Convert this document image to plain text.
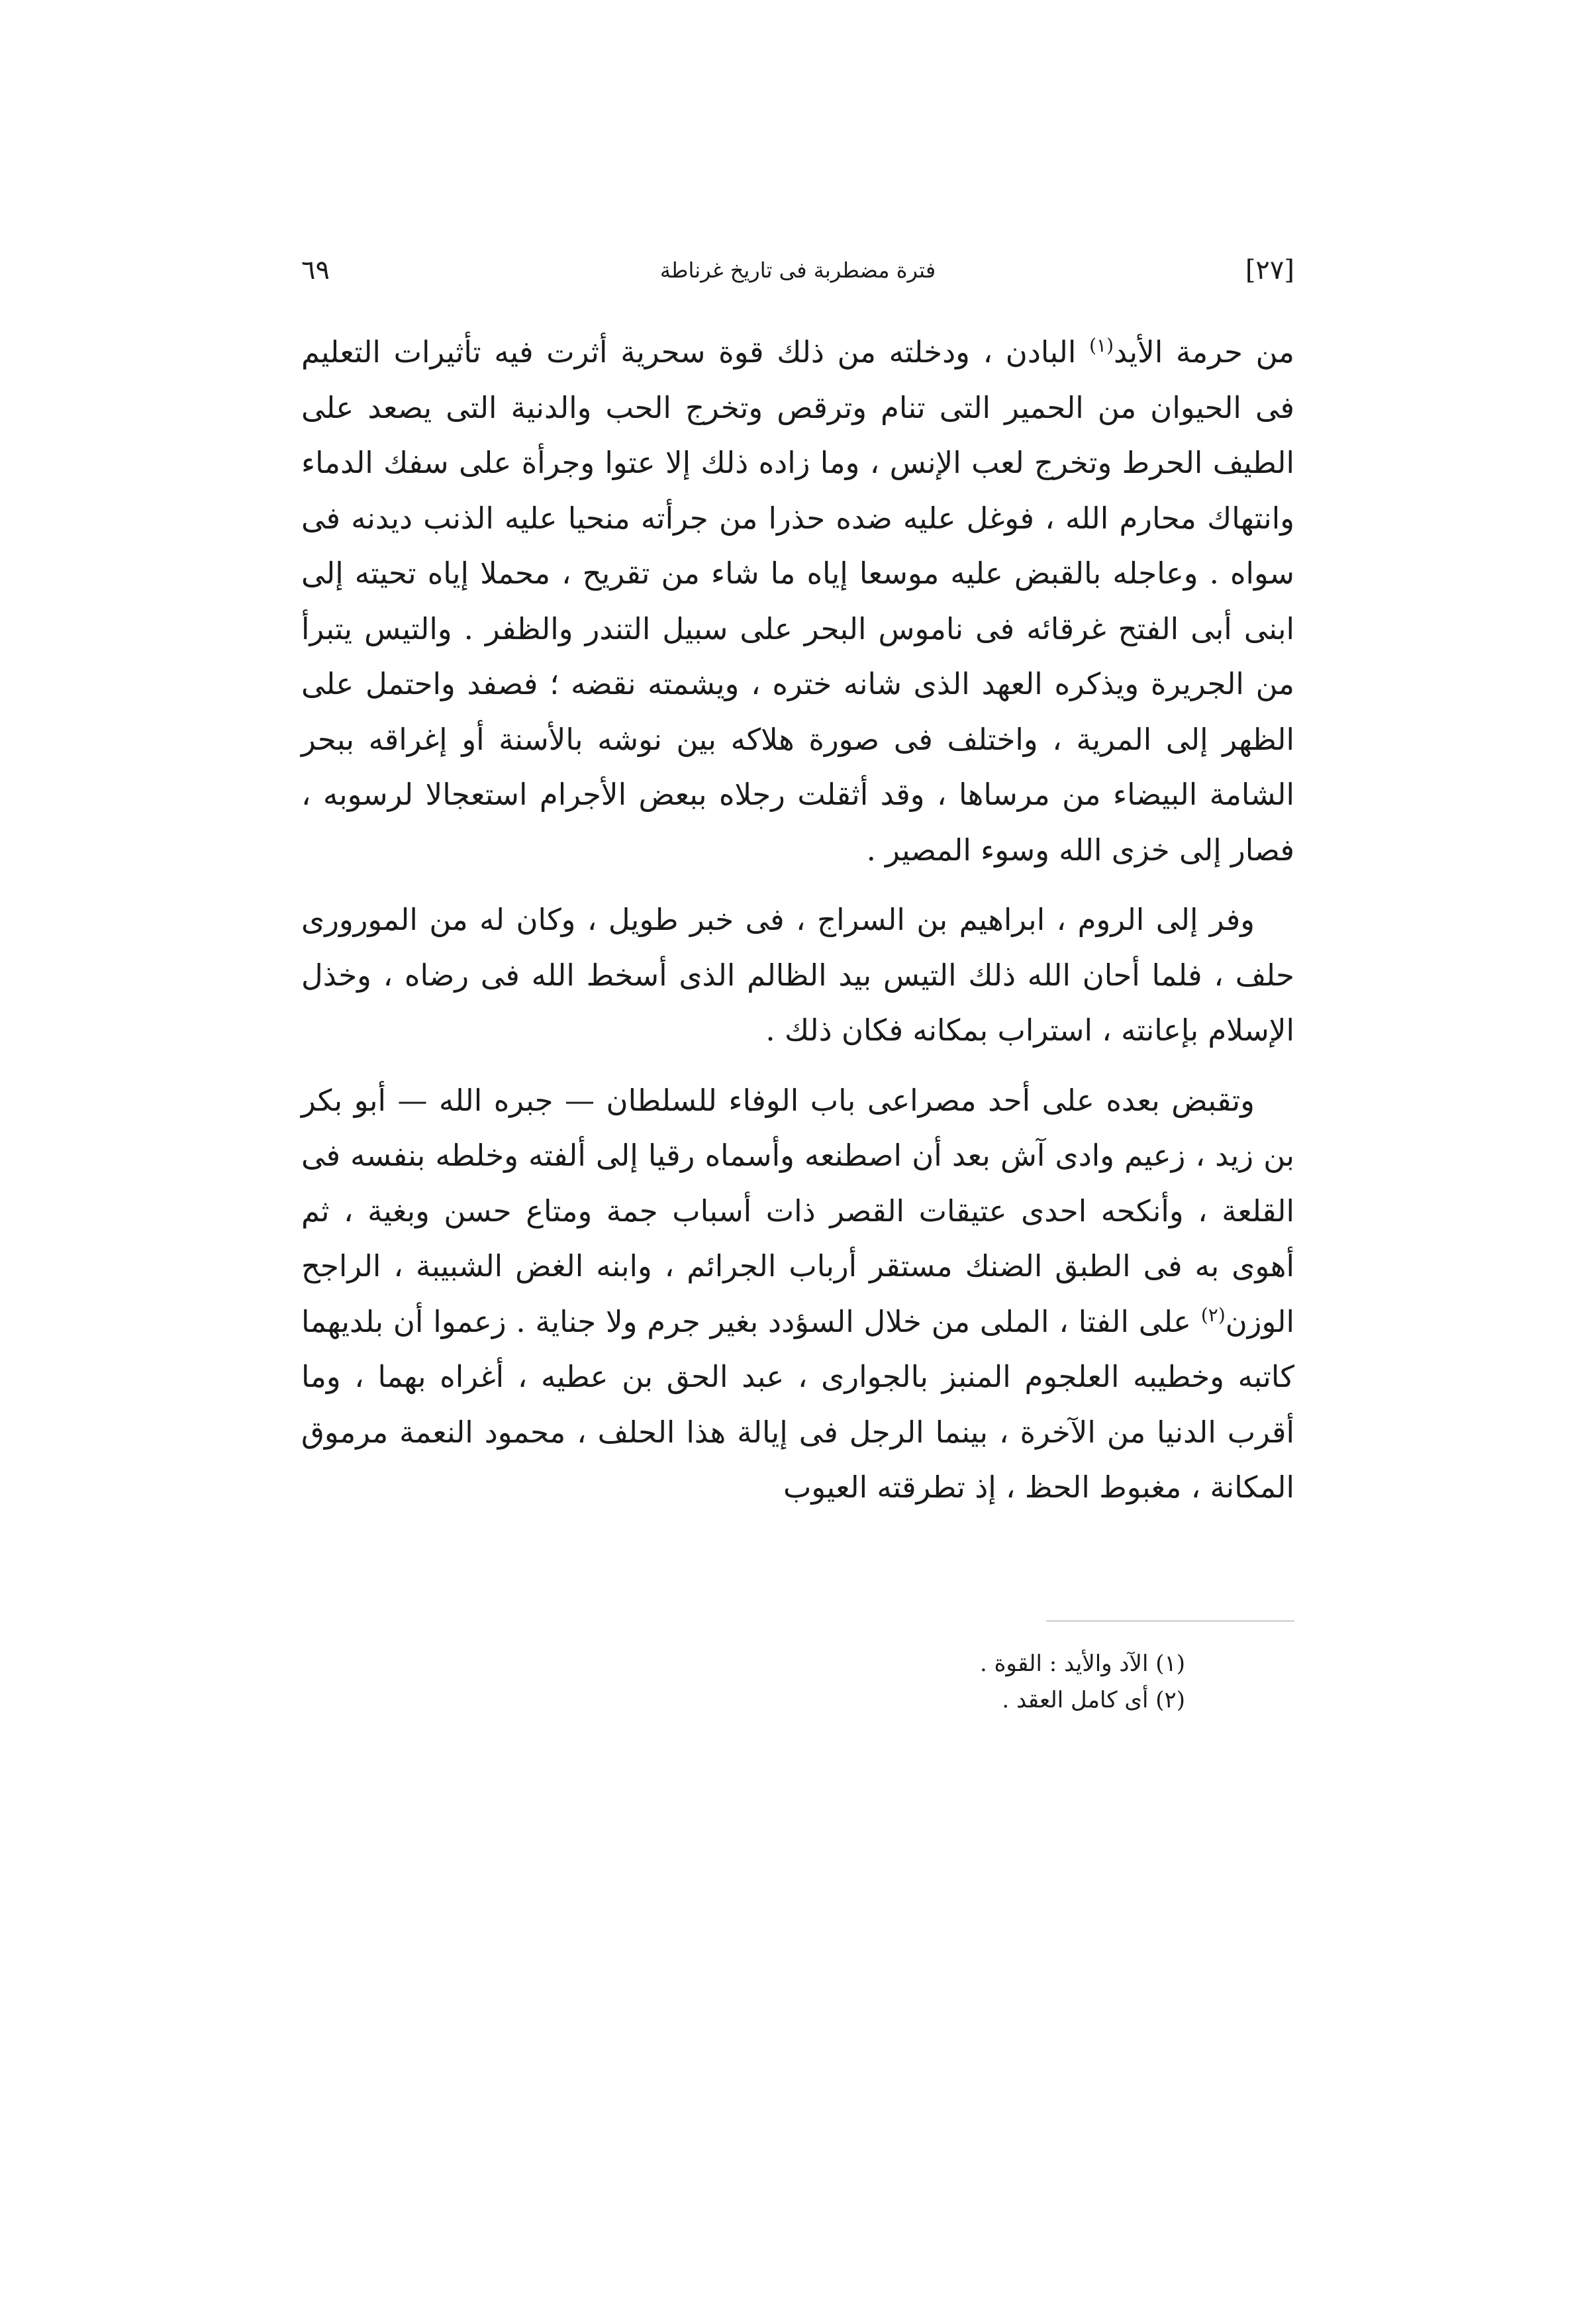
[٢٧]
فترة مضطربة فى تاريخ غرناطة
٦٩

من حرمة الأيد$^{(١)}$ البادن ، ودخلته من ذلك قوة سحرية أثرت فيه تأثيرات التعليم فى الحيوان من الحمير التى تنام وترقص وتخرج الحب والدنية التى يصعد على الطيف الحرط وتخرج لعب الإنس ، وما زاده ذلك إلا عتوا وجرأة على سفك الدماء وانتهاك محارم الله ، فوغل عليه ضده حذرا من جرأته منحيا عليه الذنب ديدنه فى سواه . وعاجله بالقبض عليه موسعا إياه ما شاء من تقريح ، محملا إياه تحيته إلى ابنى أبى الفتح غرقائه فى ناموس البحر على سبيل التندر والظفر . والتيس يتبرأ من الجريرة ويذكره العهد الذى شانه ختره ، ويشمته نقضه ؛ فصفد واحتمل على الظهر إلى المرية ، واختلف فى صورة هلاكه بين نوشه بالأسنة أو إغراقه ببحر الشامة البيضاء من مرساها ، وقد أثقلت رجلاه ببعض الأجرام استعجالا لرسوبه ، فصار إلى خزى الله وسوء المصير .

وفر إلى الروم ، ابراهيم بن السراج ، فى خبر طويل ، وكان له من المورورى حلف ، فلما أحان الله ذلك التيس بيد الظالم الذى أسخط الله فى رضاه ، وخذل الإسلام بإعانته ، استراب بمكانه فكان ذلك .

وتقبض بعده على أحد مصراعى باب الوفاء للسلطان — جبره الله — أبو بكر بن زيد ، زعيم وادى آش بعد أن اصطنعه وأسماه رقيا إلى ألفته وخلطه بنفسه فى القلعة ، وأنكحه احدى عتيقات القصر ذات أسباب جمة ومتاع حسن وبغية ، ثم أهوى به فى الطبق الضنك مستقر أرباب الجرائم ، وابنه الغض الشبيبة ، الراجح الوزن$^{(٢)}$ على الفتا ، الملى من خلال السؤدد بغير جرم ولا جناية . زعموا أن بلديهما كاتبه وخطيبه العلجوم المنبز بالجوارى ، عبد الحق بن عطيه ، أغراه بهما ، وما أقرب الدنيا من الآخرة ، بينما الرجل فى إيالة هذا الحلف ، محمود النعمة مرموق المكانة ، مغبوط الحظ ، إذ تطرقته العيوب

(١) الآد والأيد : القوة .
(٢) أى كامل العقد .
